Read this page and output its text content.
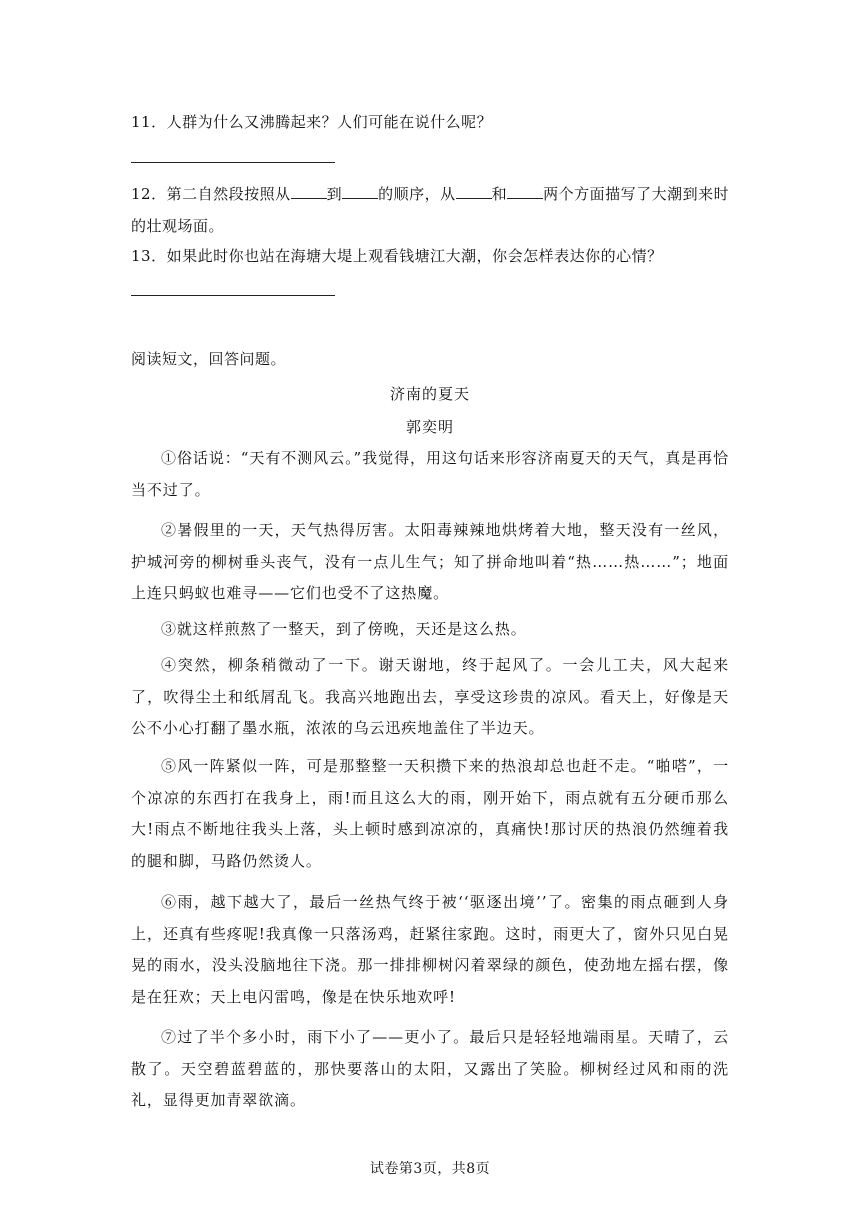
11．人群为什么又沸腾起来？人们可能在说什么呢？
12．第二自然段按照从 到 的顺序，从 和 两个方面描写了大潮到来时的壮观场面。
13．如果此时你也站在海塘大堤上观看钱塘江大潮，你会怎样表达你的心情？
阅读短文，回答问题。
济南的夏天
郭奕明
①俗话说：“天有不测风云。”我觉得，用这句话来形容济南夏天的天气，真是再恰当不过了。
②暑假里的一天，天气热得厉害。太阳毒辣辣地烘烤着大地，整天没有一丝风，护城河旁的柳树垂头丧气，没有一点儿生气；知了拼命地叫着“热……热……”；地面上连只蚂蚁也难寻——它们也受不了这热魔。
③就这样煎熬了一整天，到了傍晚，天还是这么热。
④突然，柳条稍微动了一下。谢天谢地，终于起风了。一会儿工夫，风大起来了，吹得尘土和纸屑乱飞。我高兴地跑出去，享受这珍贵的凉风。看天上，好像是天公不小心打翻了墨水瓶，浓浓的乌云迅疾地盖住了半边天。
⑤风一阵紧似一阵，可是那整整一天积攒下来的热浪却总也赶不走。“啪嗒”，一个凉凉的东西打在我身上，雨!而且这么大的雨，刚开始下，雨点就有五分硬币那么大!雨点不断地往我头上落，头上顿时感到凉凉的，真痛快!那讨厌的热浪仍然缠着我的腿和脚，马路仍然烫人。
⑥雨，越下越大了，最后一丝热气终于被‘‘驱逐出境’’了。密集的雨点砸到人身上，还真有些疼呢!我真像一只落汤鸡，赶紧往家跑。这时，雨更大了，窗外只见白晃晃的雨水，没头没脑地往下浇。那一排排柳树闪着翠绿的颜色，使劲地左摇右摆，像是在狂欢；天上电闪雷鸣，像是在快乐地欢呼!
⑦过了半个多小时，雨下小了——更小了。最后只是轻轻地端雨星。天晴了，云散了。天空碧蓝碧蓝的，那快要落山的太阳，又露出了笑脸。柳树经过风和雨的洗礼，显得更加青翠欲滴。
试卷第3页，共8页
